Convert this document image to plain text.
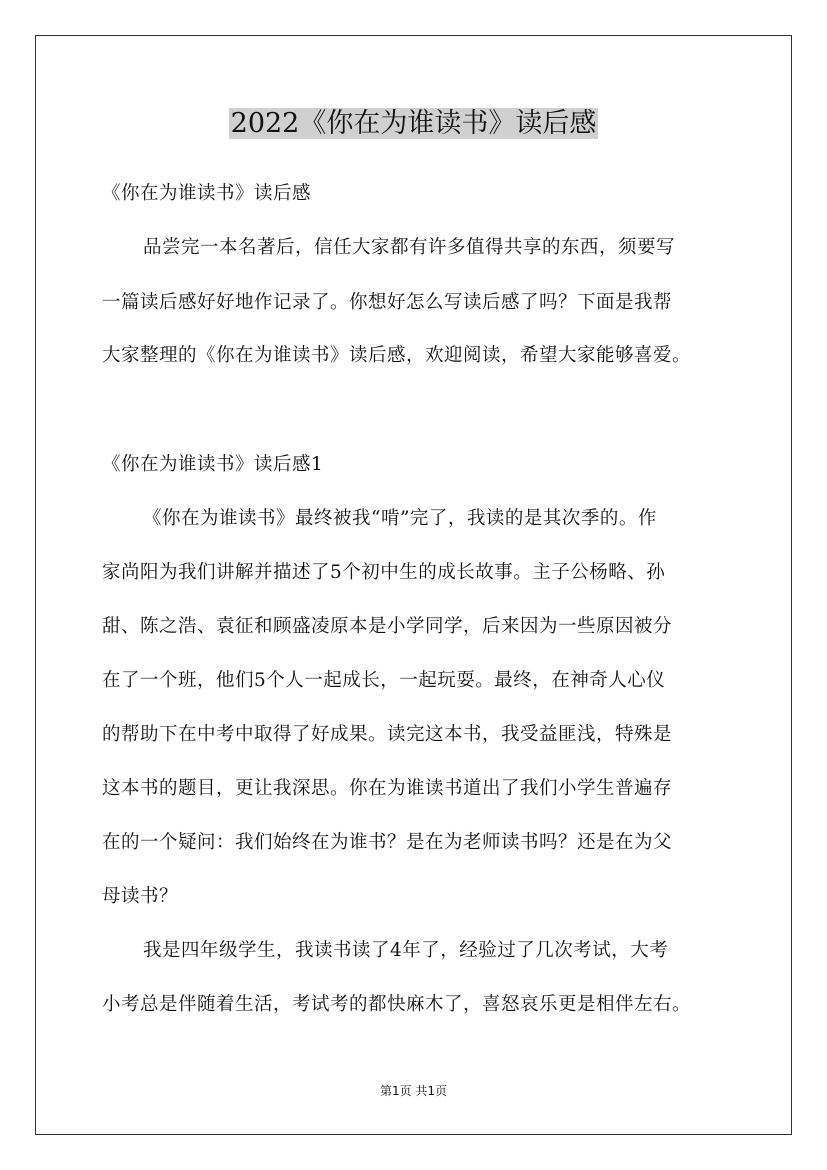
2022《你在为谁读书》读后感
《你在为谁读书》读后感
品尝完一本名著后，信任大家都有许多值得共享的东西，须要写
一篇读后感好好地作记录了。你想好怎么写读后感了吗？下面是我帮
大家整理的《你在为谁读书》读后感，欢迎阅读，希望大家能够喜爱。
《你在为谁读书》读后感1
《你在为谁读书》最终被我“啃”完了，我读的是其次季的。作
家尚阳为我们讲解并描述了5个初中生的成长故事。主子公杨略、孙
甜、陈之浩、袁征和顾盛凌原本是小学同学，后来因为一些原因被分
在了一个班，他们5个人一起成长，一起玩耍。最终，在神奇人心仪
的帮助下在中考中取得了好成果。读完这本书，我受益匪浅，特殊是
这本书的题目，更让我深思。你在为谁读书道出了我们小学生普遍存
在的一个疑问：我们始终在为谁书？是在为老师读书吗？还是在为父
母读书？
我是四年级学生，我读书读了4年了，经验过了几次考试，大考
小考总是伴随着生活，考试考的都快麻木了，喜怒哀乐更是相伴左右。
第1页 共1页
